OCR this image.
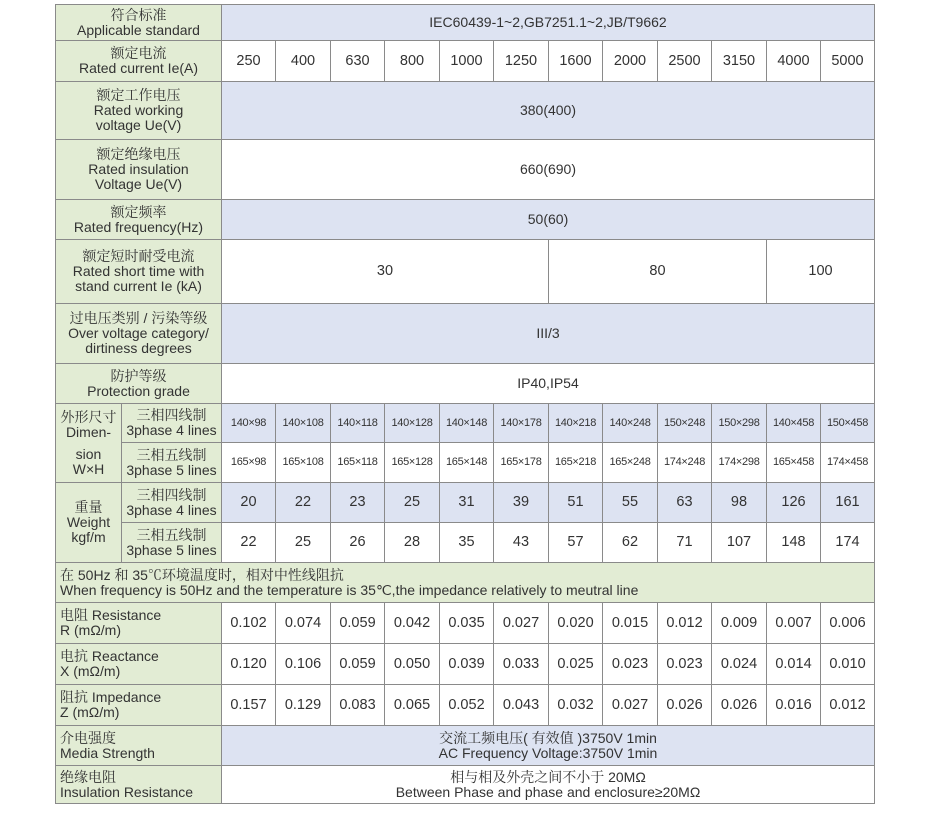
符合标准
Applicable standard		IEC60439-1~2,GB7251.1~2,JB/T9662											

额定电流
Rated current Ie(A)		250	400	630	800	1000	1250	1600	2000	2500	3150	4000	5000

额定工作电压
Rated working
voltage Ue(V)		380(400)											

额定绝缘电压
Rated insulation
Voltage Ue(V)		660(690)											

额定频率
Rated frequency(Hz)		50(60)											

额定短时耐受电流
Rated short time with
stand current Ie (kA)		30						80				100	

过电压类别 / 污染等级
Over voltage category/
dirtiness degrees		III/3											

防护等级
Protection grade		IP40,IP54											

外形尺寸
Dimen-
sion
W×H	三相四线制
3phase 4 lines	140×98	140×108	140×118	140×128	140×148	140×178	140×218	140×248	150×248	150×298	140×458	150×458

	三相五线制
3phase 5 lines	165×98	165×108	165×118	165×128	165×148	165×178	165×218	165×248	174×248	174×298	165×458	174×458

重量
Weight
kgf/m	三相四线制
3phase 4 lines	20	22	23	25	31	39	51	55	63	98	126	161

	三相五线制
3phase 5 lines	22	25	26	28	35	43	57	62	71	107	148	174

在 50Hz 和 35℃环境温度时，相对中性线阻抗
When frequency is 50Hz and the temperature is 35℃,the impedance relatively to meutral line													

电阻 Resistance
R (mΩ/m)		0.102	0.074	0.059	0.042	0.035	0.027	0.020	0.015	0.012	0.009	0.007	0.006

电抗 Reactance
X (mΩ/m)		0.120	0.106	0.059	0.050	0.039	0.033	0.025	0.023	0.023	0.024	0.014	0.010

阻抗 Impedance
Z (mΩ/m)		0.157	0.129	0.083	0.065	0.052	0.043	0.032	0.027	0.026	0.026	0.016	0.012

介电强度
Media Strength		交流工频电压( 有效值 )3750V 1min
AC Frequency Voltage:3750V 1min											

绝缘电阻
Insulation Resistance		相与相及外壳之间不小于 20MΩ
Between Phase and phase and enclosure≥20MΩ											
